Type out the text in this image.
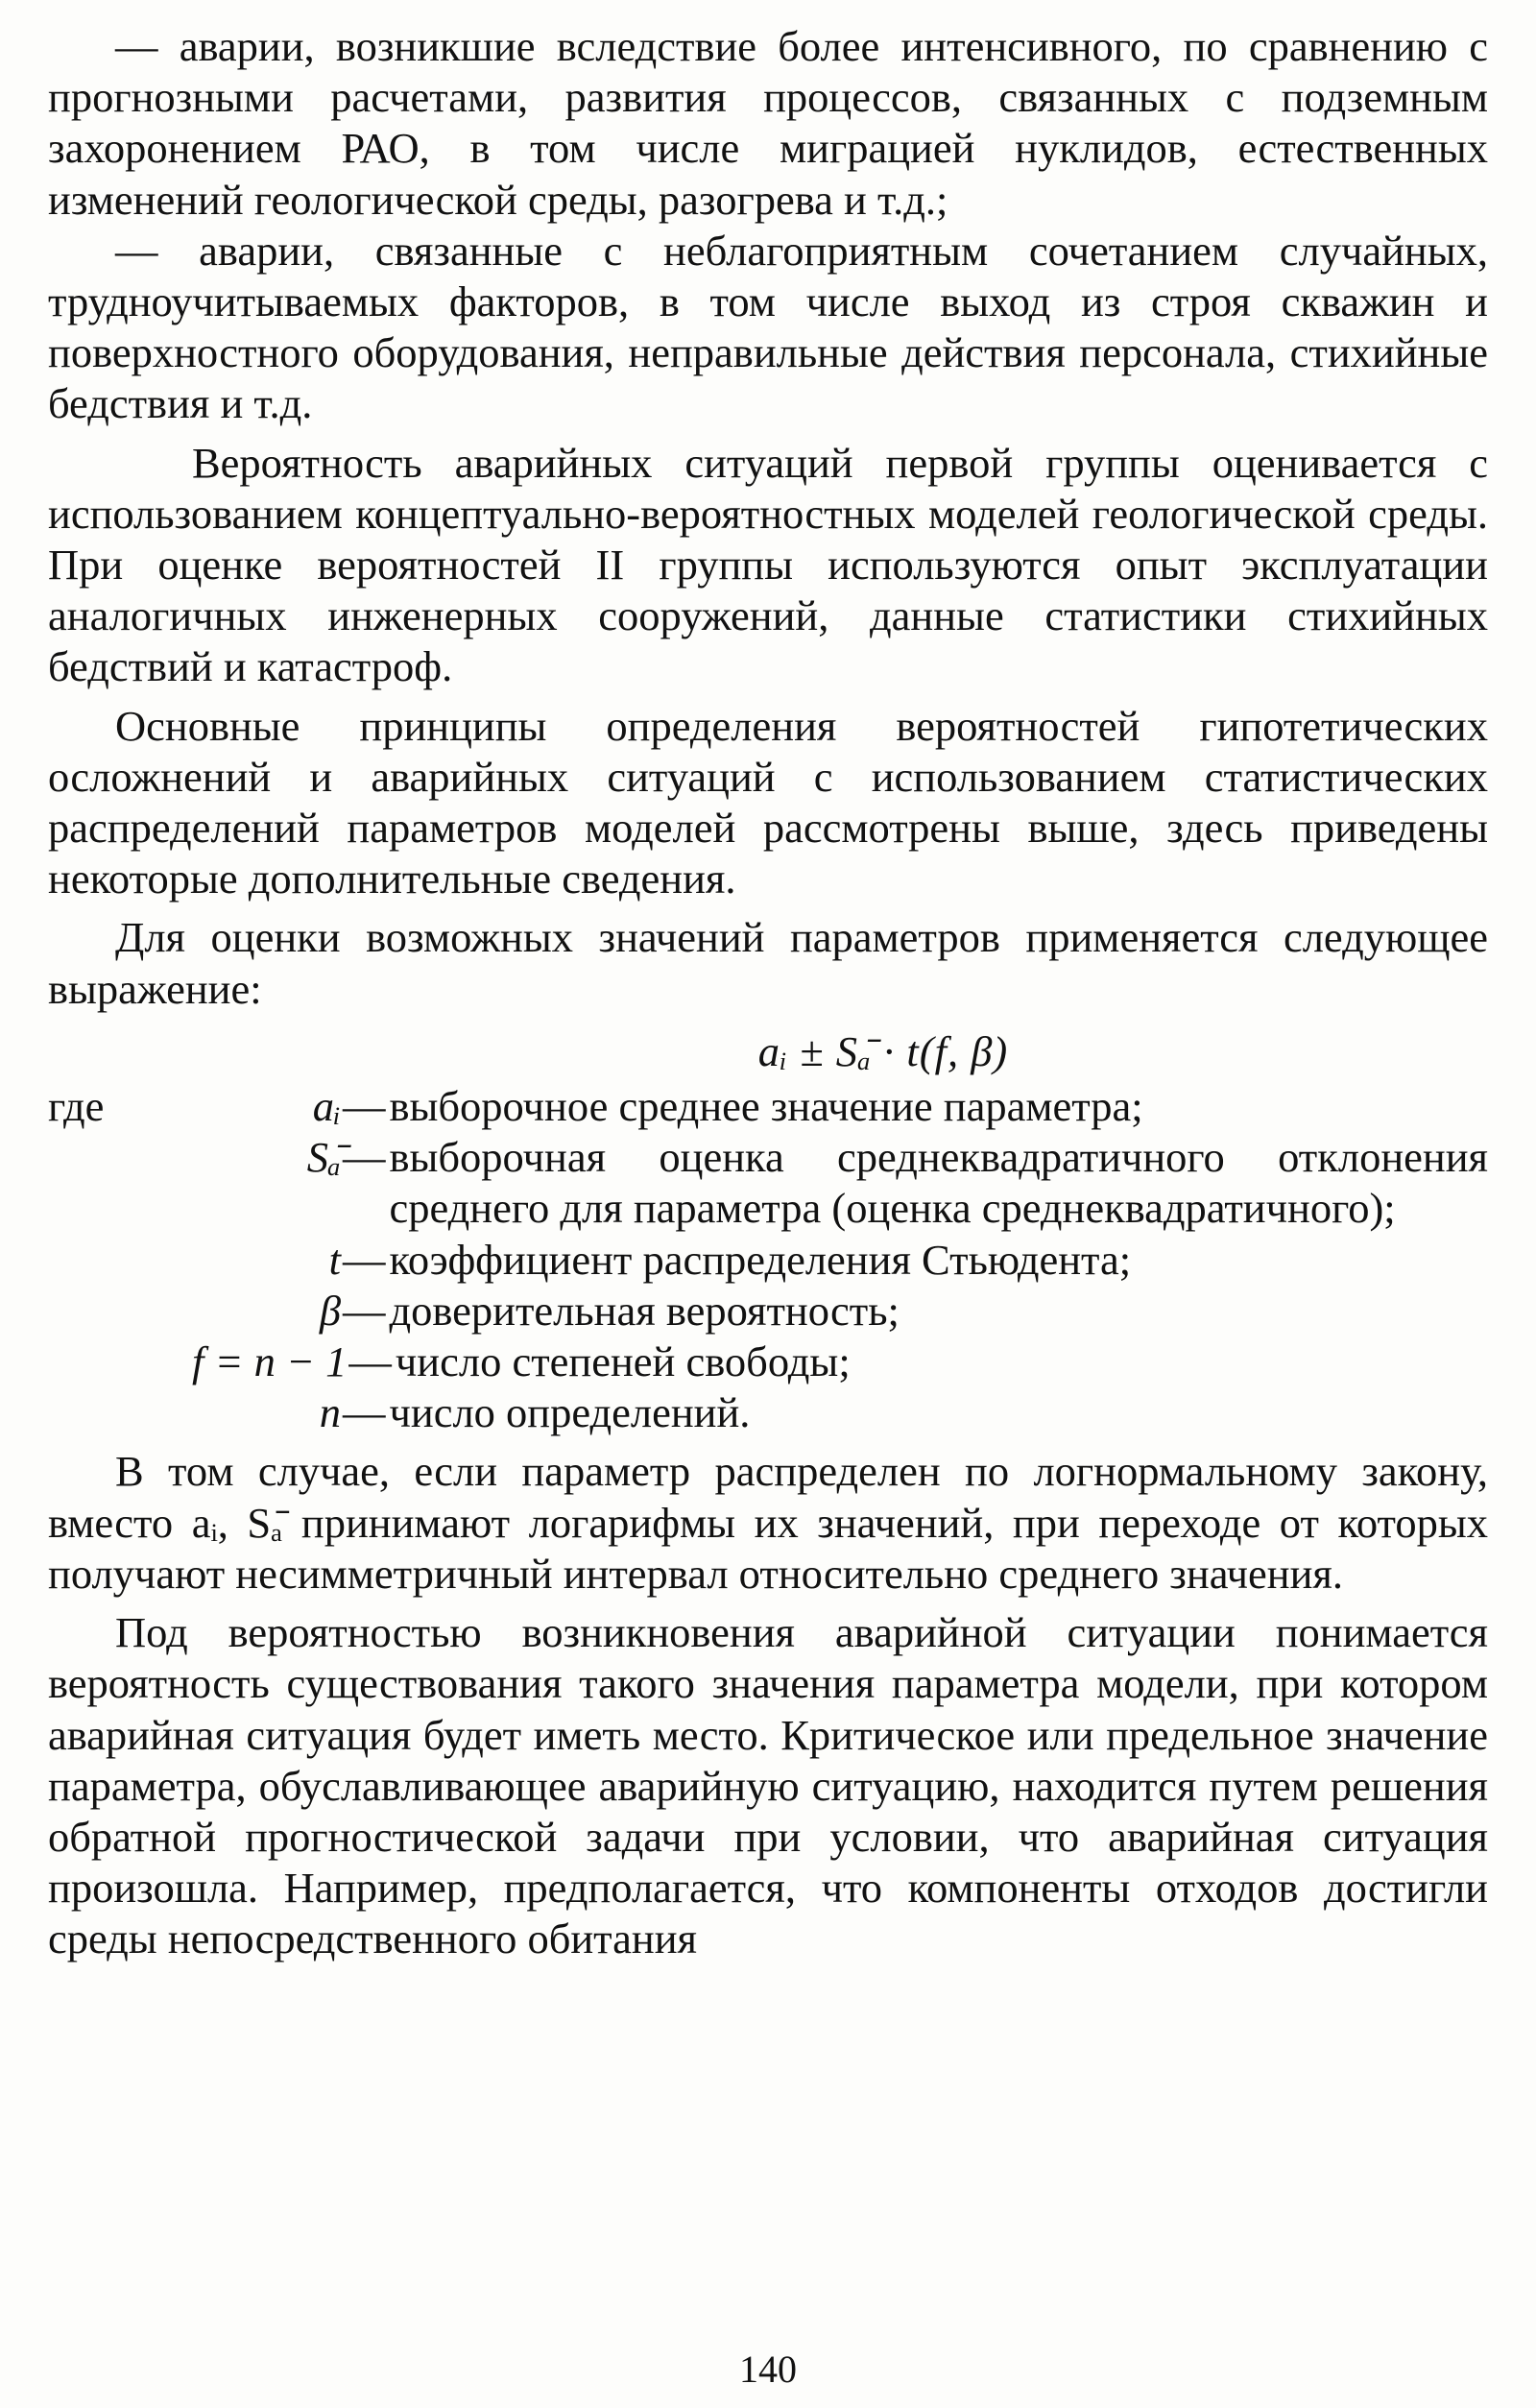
— аварии, возникшие вследствие более интенсивного, по сравнению с прогнозными расчетами, развития процессов, связанных с подземным захоронением РАО, в том числе миграцией нуклидов, естественных изменений геологической среды, разогрева и т.д.;

— аварии, связанные с неблагоприятным сочетанием случайных, трудноучитываемых факторов, в том числе выход из строя скважин и поверхностного оборудования, неправильные действия персонала, стихийные бедствия и т.д.

Вероятность аварийных ситуаций первой группы оценивается с использованием концептуально-вероятностных моделей геологической среды. При оценке вероятностей II группы используются опыт эксплуатации аналогичных инженерных сооружений, данные статистики стихийных бедствий и катастроф.

Основные принципы определения вероятностей гипотетических осложнений и аварийных ситуаций с использованием статистических распределений параметров моделей рассмотрены выше, здесь приведены некоторые дополнительные сведения.

Для оценки возможных значений параметров применяется следующее выражение:

aᵢ ± Sₐ̄ · t(f, β)
где	aᵢ — выборочное среднее значение параметра;
Sₐ̄ — выборочная оценка среднеквадратичного отклонения среднего для параметра (оценка среднеквадратичного);
t — коэффициент распределения Стьюдента;
β — доверительная вероятность;
f = n − 1 — число степеней свободы;
n — число определений.

В том случае, если параметр распределен по логнормальному закону, вместо aᵢ, Sₐ̄ принимают логарифмы их значений, при переходе от которых получают несимметричный интервал относительно среднего значения.

Под вероятностью возникновения аварийной ситуации понимается вероятность существования такого значения параметра модели, при котором аварийная ситуация будет иметь место. Критическое или предельное значение параметра, обуславливающее аварийную ситуацию, находится путем решения обратной прогностической задачи при условии, что аварийная ситуация произошла. Например, предполагается, что компоненты отходов достигли среды непосредственного обитания

140
